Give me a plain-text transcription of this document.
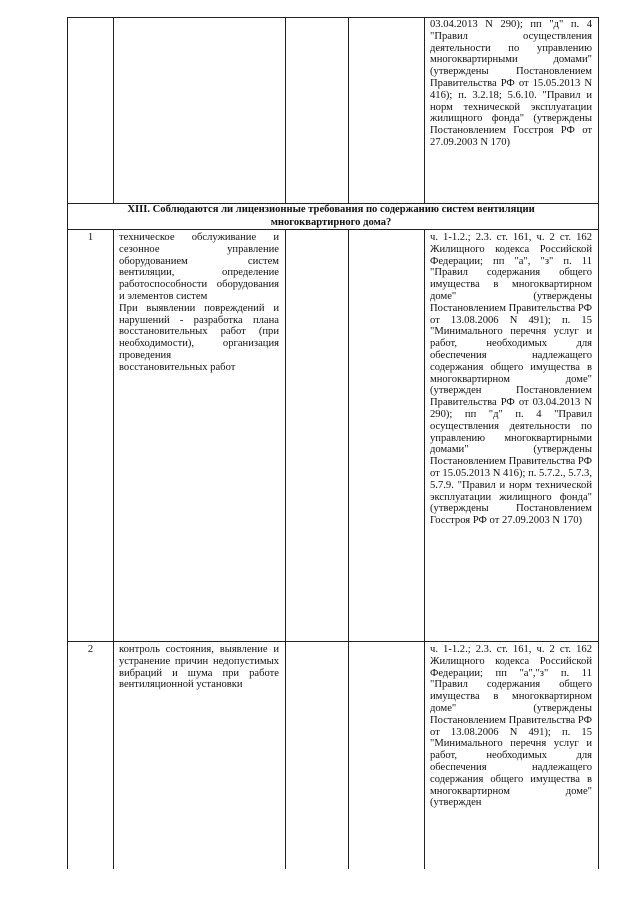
03.04.2013 N 290); пп "д" п. 4 "Правил осуществления деятельности по управлению многоквартирными домами" (утверждены Постановлением Правительства РФ от 15.05.2013 N 416); п. 3.2.18; 5.6.10. "Правил и норм технической эксплуатации жилищного фонда" (утверждены Постановлением Госстроя РФ от 27.09.2003 N 170)
XIII. Соблюдаются ли лицензионные требования по содержанию систем вентиляции многоквартирного дома?
1	техническое обслуживание и сезонное управление оборудованием систем вентиляции, определение работоспособности оборудования и элементов систем
При выявлении повреждений и нарушений - разработка плана восстановительных работ (при необходимости), организация проведения
восстановительных работ
ч. 1-1.2.; 2.3. ст. 161, ч. 2 ст. 162 Жилищного кодекса Российской Федерации; пп "а", "з" п. 11 "Правил содержания общего имущества в многоквартирном доме" (утверждены Постановлением Правительства РФ от 13.08.2006 N 491); п. 15 "Минимального перечня услуг и работ, необходимых для обеспечения надлежащего содержания общего имущества в многоквартирном доме" (утвержден Постановлением Правительства РФ от 03.04.2013 N 290); пп "д" п. 4 "Правил осуществления деятельности по управлению многоквартирными домами" (утверждены Постановлением Правительства РФ от 15.05.2013 N 416); п. 5.7.2., 5.7.3, 5.7.9. "Правил и норм технической эксплуатации жилищного фонда" (утверждены Постановлением Госстроя РФ от 27.09.2003 N 170)
2	контроль состояния, выявление и устранение причин недопустимых вибраций и шума при работе вентиляционной установки
ч. 1-1.2.; 2.3. ст. 161, ч. 2 ст. 162 Жилищного кодекса Российской Федерации; пп "а","з" п. 11 "Правил содержания общего имущества в многоквартирном доме" (утверждены Постановлением Правительства РФ от 13.08.2006 N 491); п. 15 "Минимального перечня услуг и работ, необходимых для обеспечения надлежащего содержания общего имущества в многоквартирном доме" (утвержден
